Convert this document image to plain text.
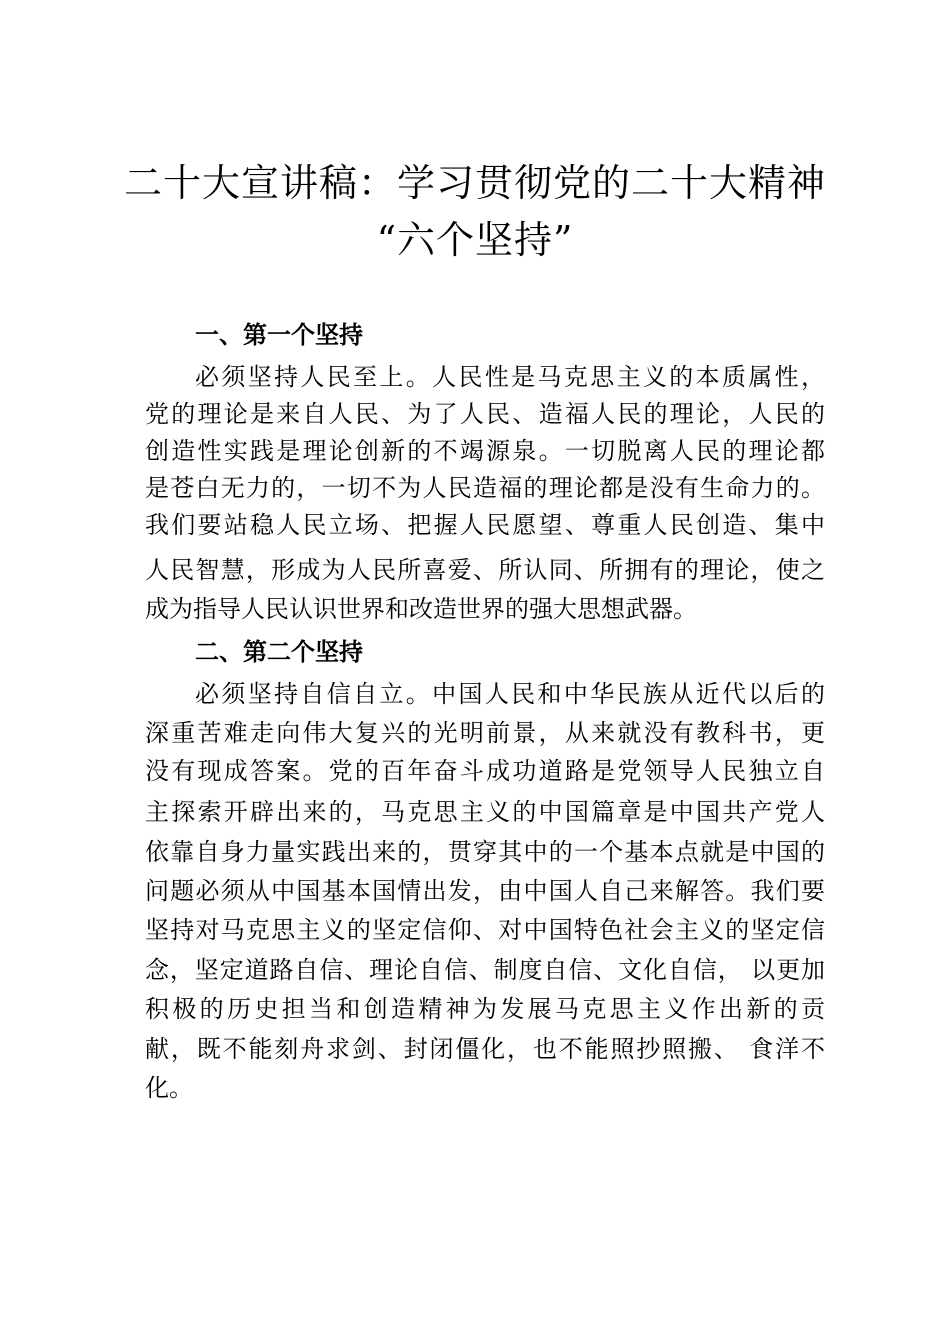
二十大宣讲稿：学习贯彻党的二十大精神
“六个坚持”
一、第一个坚持
必须坚持人民至上。人民性是马克思主义的本质属性，
党的理论是来自人民、为了人民、造福人民的理论，人民的
创造性实践是理论创新的不竭源泉。一切脱离人民的理论都
是苍白无力的，一切不为人民造福的理论都是没有生命力的。
我们要站稳人民立场、把握人民愿望、尊重人民创造、集中
人民智慧，形成为人民所喜爱、所认同、所拥有的理论，使之
成为指导人民认识世界和改造世界的强大思想武器。
二、第二个坚持
必须坚持自信自立。中国人民和中华民族从近代以后的
深重苦难走向伟大复兴的光明前景，从来就没有教科书，更
没有现成答案。党的百年奋斗成功道路是党领导人民独立自
主探索开辟出来的，马克思主义的中国篇章是中国共产党人
依靠自身力量实践出来的，贯穿其中的一个基本点就是中国的
问题必须从中国基本国情出发，由中国人自己来解答。我们要
坚持对马克思主义的坚定信仰、对中国特色社会主义的坚定信
念，坚定道路自信、理论自信、制度自信、文化自信， 以更加
积极的历史担当和创造精神为发展马克思主义作出新的贡
献，既不能刻舟求剑、封闭僵化，也不能照抄照搬、 食洋不
化。
